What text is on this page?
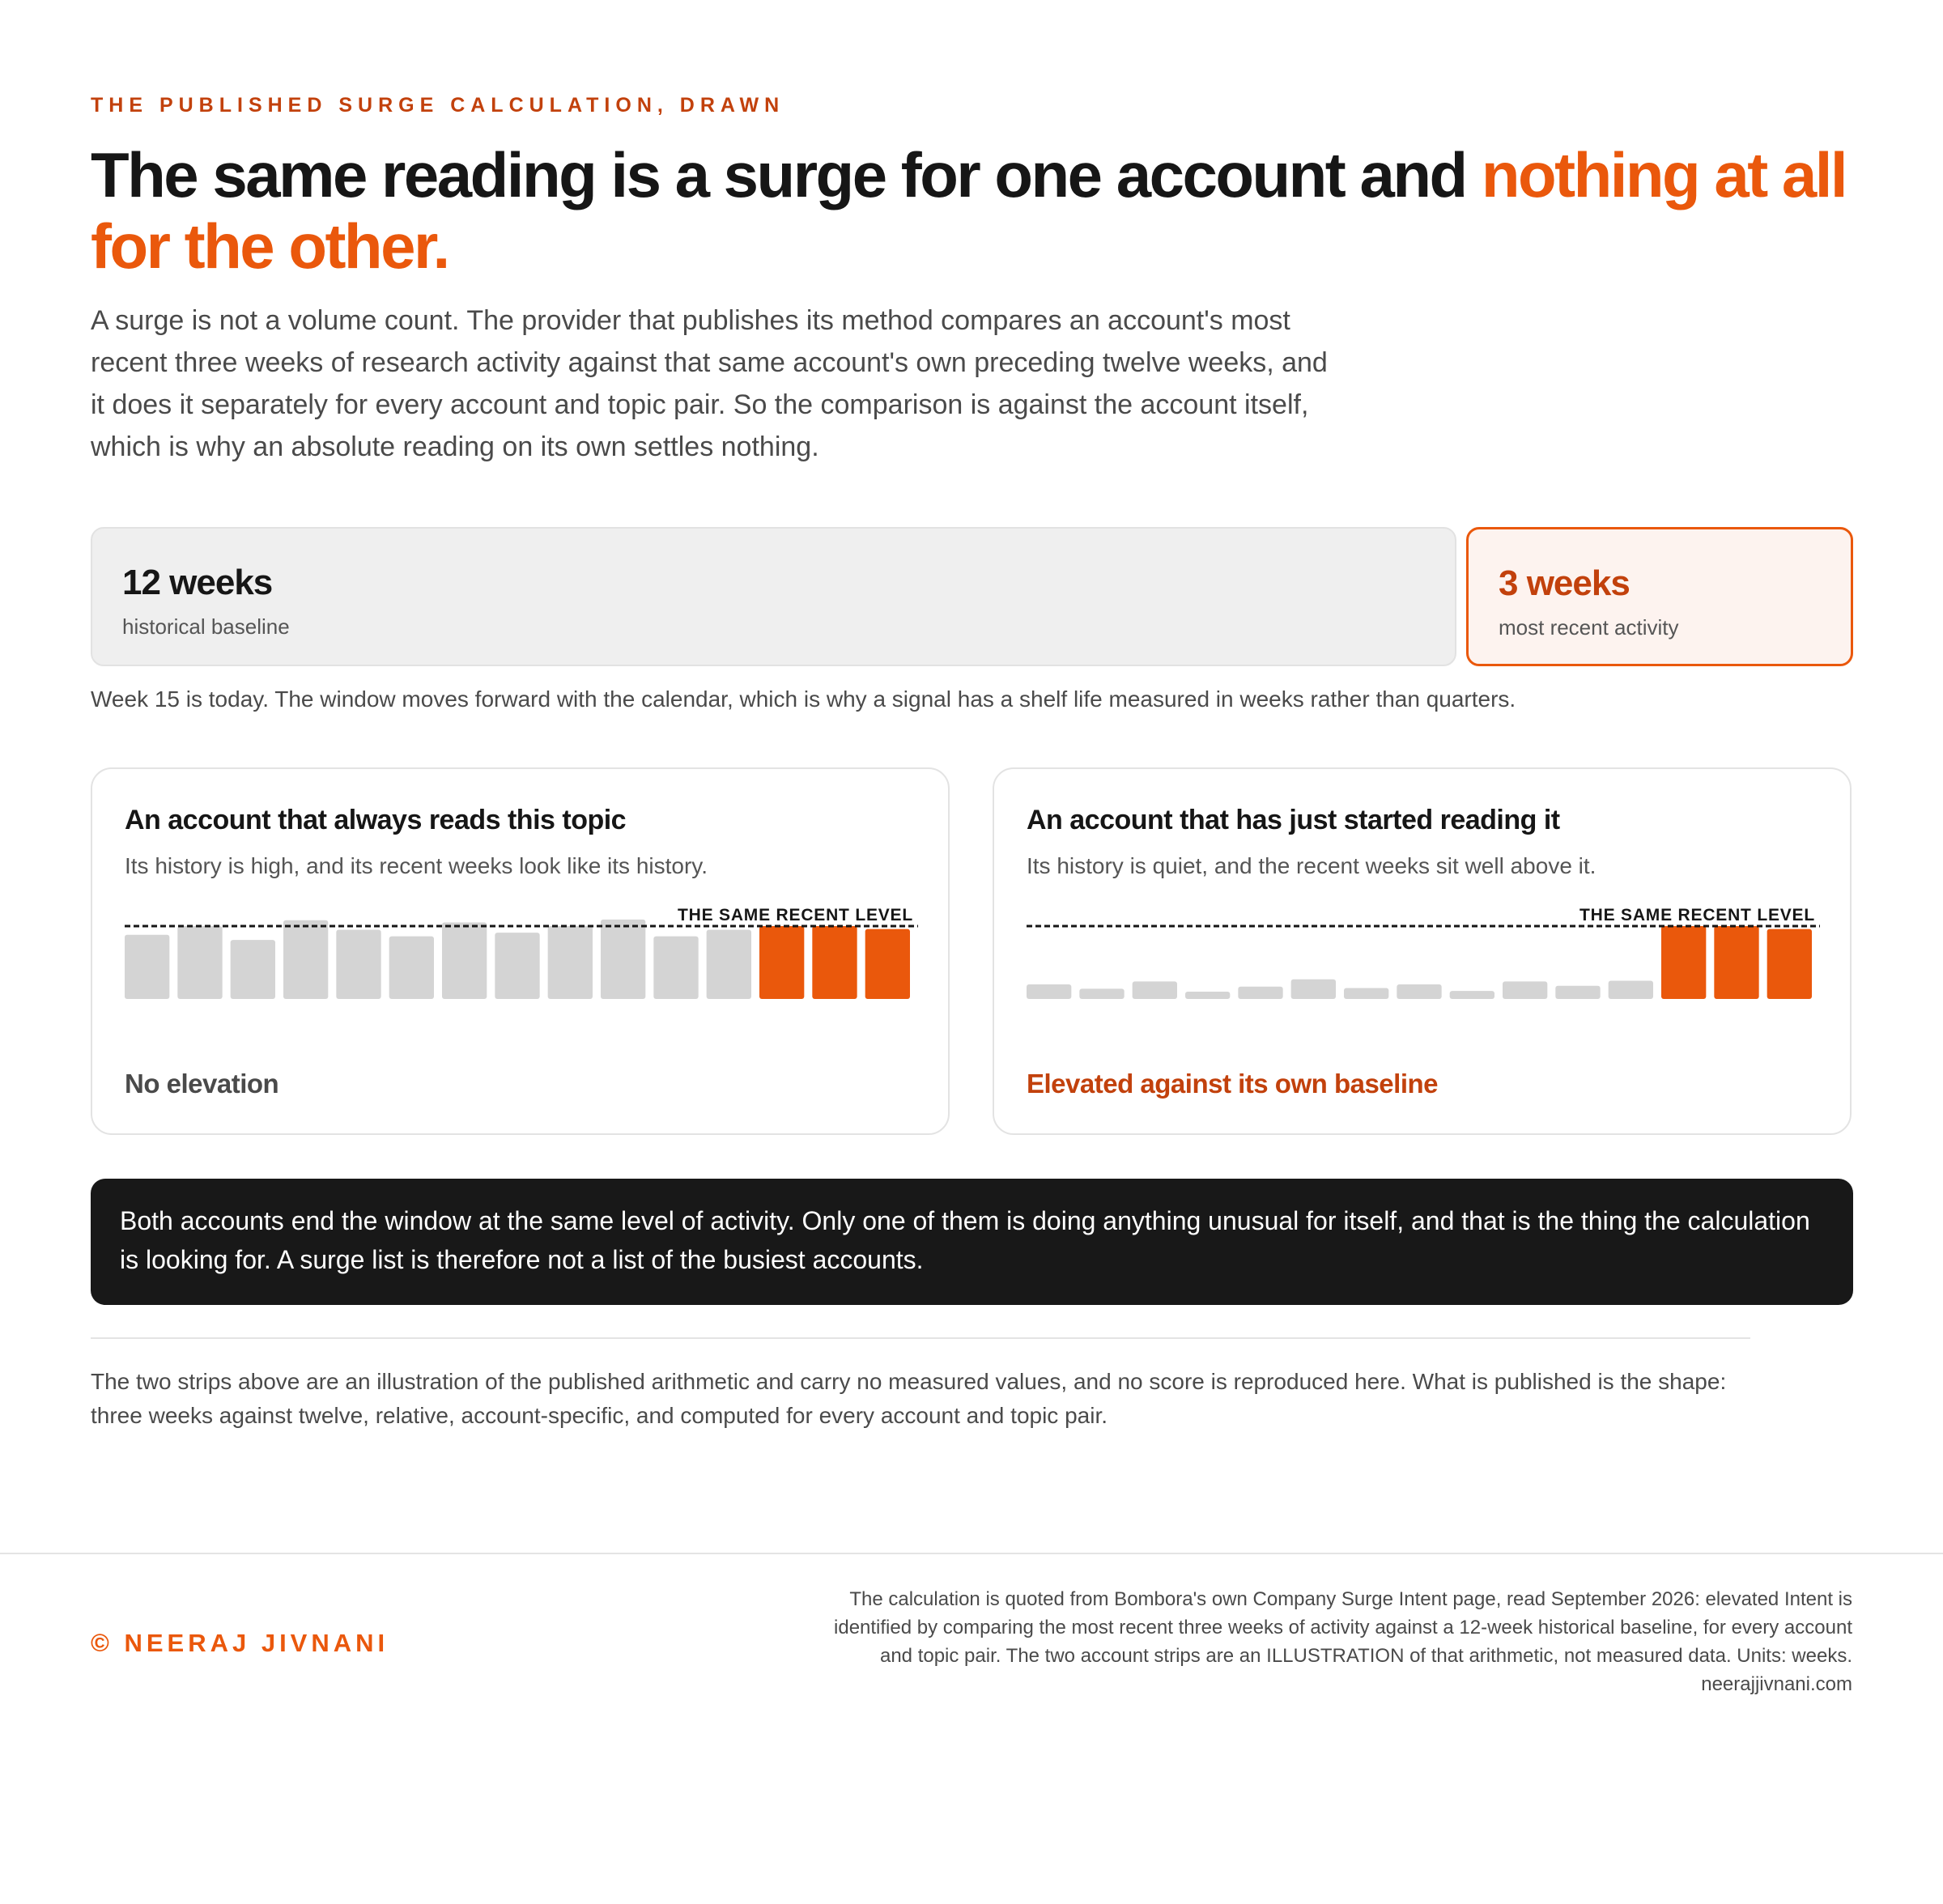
THE PUBLISHED SURGE CALCULATION, DRAWN
The same reading is a surge for one account and nothing at all for the other.

A surge is not a volume count. The provider that publishes its method compares an account's most recent three weeks of research activity against that same account's own preceding twelve weeks, and it does it separately for every account and topic pair. So the comparison is against the account itself, which is why an absolute reading on its own settles nothing.

12 weeks
historical baseline
3 weeks
most recent activity

Week 15 is today. The window moves forward with the calendar, which is why a signal has a shelf life measured in weeks rather than quarters.

An account that always reads this topic
Its history is high, and its recent weeks look like its history.
THE SAME RECENT LEVEL
No elevation
An account that has just started reading it
Its history is quiet, and the recent weeks sit well above it.
THE SAME RECENT LEVEL
Elevated against its own baseline

Both accounts end the window at the same level of activity. Only one of them is doing anything unusual for itself, and that is the thing the calculation is looking for. A surge list is therefore not a list of the busiest accounts.

The two strips above are an illustration of the published arithmetic and carry no measured values, and no score is reproduced here. What is published is the shape: three weeks against twelve, relative, account-specific, and computed for every account and topic pair.

© NEERAJ JIVNANI
The calculation is quoted from Bombora's own Company Surge Intent page, read September 2026: elevated Intent is
identified by comparing the most recent three weeks of activity against a 12-week historical baseline, for every account
and topic pair. The two account strips are an ILLUSTRATION of that arithmetic, not measured data. Units: weeks.
neerajjivnani.com
